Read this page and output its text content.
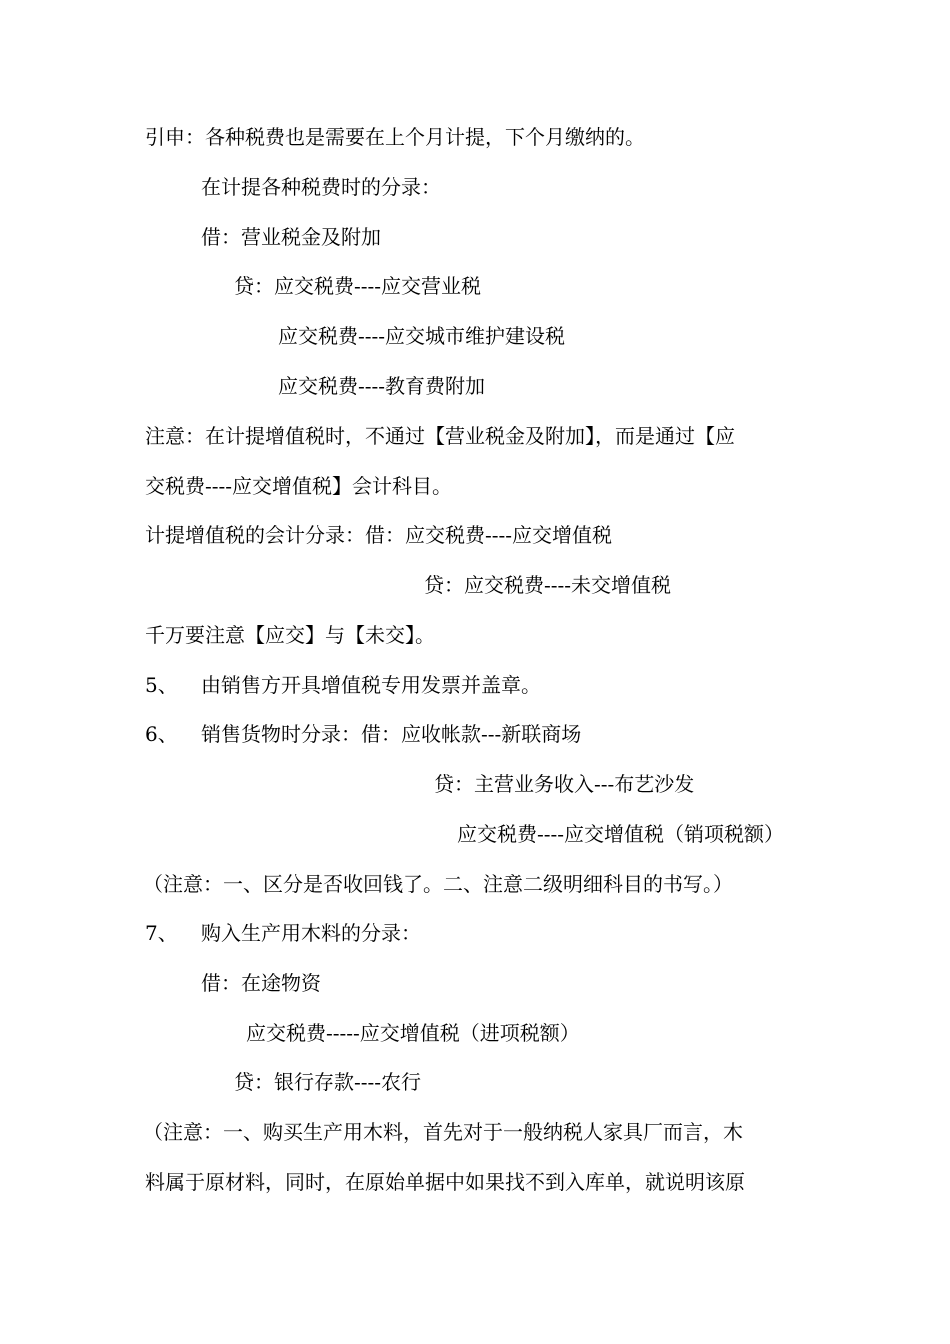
引申：各种税费也是需要在上个月计提，下个月缴纳的。
在计提各种税费时的分录：
借：营业税金及附加
贷：应交税费----应交营业税
应交税费----应交城市维护建设税
应交税费----教育费附加
注意：在计提增值税时，不通过【营业税金及附加】，而是通过【应
交税费----应交增值税】会计科目。
计提增值税的会计分录：借：应交税费----应交增值税
贷：应交税费----未交增值税
千万要注意【应交】与【未交】。
5、 由销售方开具增值税专用发票并盖章。
6、 销售货物时分录：借：应收帐款---新联商场
贷：主营业务收入---布艺沙发
应交税费----应交增值税（销项税额）
（注意：一、区分是否收回钱了。二、注意二级明细科目的书写。）
7、 购入生产用木料的分录：
借：在途物资
应交税费-----应交增值税（进项税额）
贷：银行存款----农行
（注意：一、购买生产用木料，首先对于一般纳税人家具厂而言，木
料属于原材料，同时，在原始单据中如果找不到入库单，就说明该原
